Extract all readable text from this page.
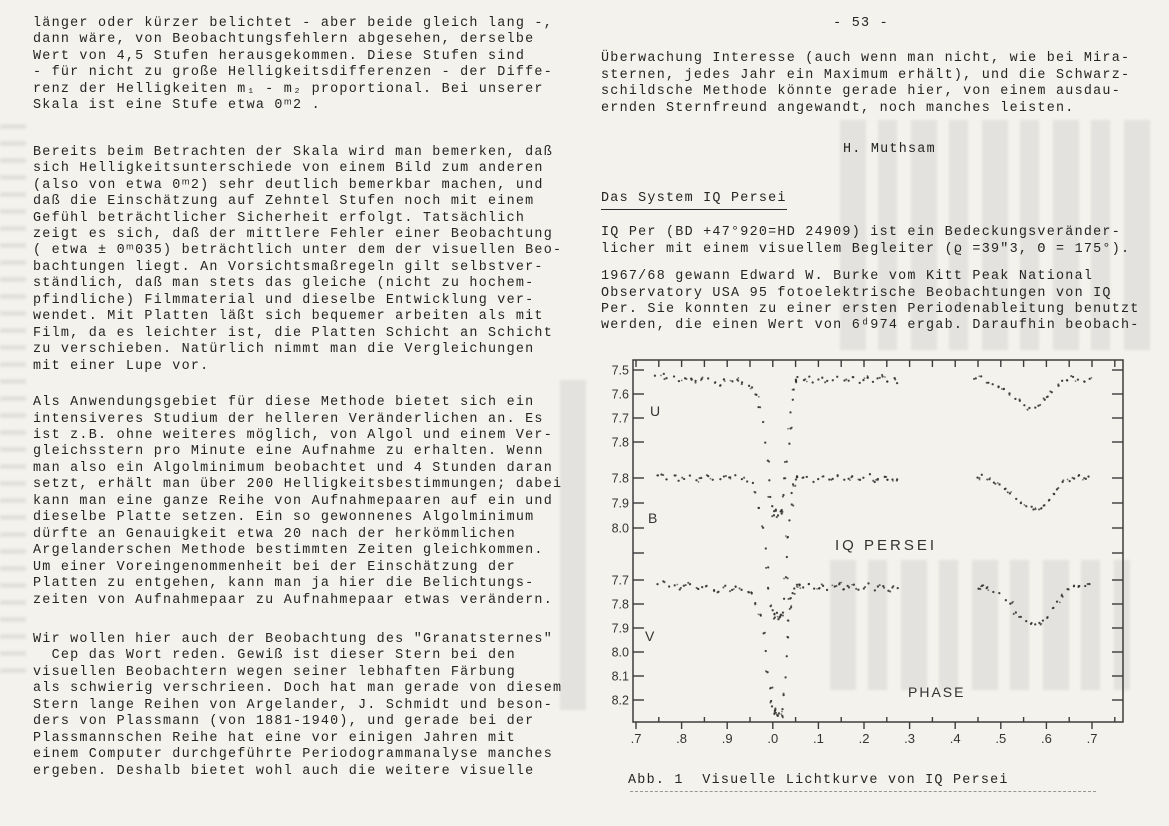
länger oder kürzer belichtet - aber beide gleich lang -,
dann wäre, von Beobachtungsfehlern abgesehen, derselbe
Wert von 4,5 Stufen herausgekommen. Diese Stufen sind
- für nicht zu große Helligkeitsdifferenzen - der Diffe-
renz der Helligkeiten m₁ - m₂ proportional. Bei unserer
Skala ist eine Stufe etwa 0ᵐ2 .
Bereits beim Betrachten der Skala wird man bemerken, daß
sich Helligkeitsunterschiede von einem Bild zum anderen
(also von etwa 0ᵐ2) sehr deutlich bemerkbar machen, und
daß die Einschätzung auf Zehntel Stufen noch mit einem
Gefühl beträchtlicher Sicherheit erfolgt. Tatsächlich
zeigt es sich, daß der mittlere Fehler einer Beobachtung
( etwa ± 0ᵐ035) beträchtlich unter dem der visuellen Beo-
bachtungen liegt. An Vorsichtsmaßregeln gilt selbstver-
ständlich, daß man stets das gleiche (nicht zu hochem-
pfindliche) Filmmaterial und dieselbe Entwicklung ver-
wendet. Mit Platten läßt sich bequemer arbeiten als mit
Film, da es leichter ist, die Platten Schicht an Schicht
zu verschieben. Natürlich nimmt man die Vergleichungen
mit einer Lupe vor.
Als Anwendungsgebiet für diese Methode bietet sich ein
intensiveres Studium der helleren Veränderlichen an. Es
ist z.B. ohne weiteres möglich, von Algol und einem Ver-
gleichsstern pro Minute eine Aufnahme zu erhalten. Wenn
man also ein Algolminimum beobachtet und 4 Stunden daran
setzt, erhält man über 200 Helligkeitsbestimmungen; dabei
kann man eine ganze Reihe von Aufnahmepaaren auf ein und
dieselbe Platte setzen. Ein so gewonnenes Algolminimum
dürfte an Genauigkeit etwa 20 nach der herkömmlichen
Argelanderschen Methode bestimmten Zeiten gleichkommen.
Um einer Voreingenommenheit bei der Einschätzung der
Platten zu entgehen, kann man ja hier die Belichtungs-
zeiten von Aufnahmepaar zu Aufnahmepaar etwas verändern.
Wir wollen hier auch der Beobachtung des "Granatsternes"
Cep das Wort reden. Gewiß ist dieser Stern bei den
visuellen Beobachtern wegen seiner lebhaften Färbung
als schwierig verschrieen. Doch hat man gerade von diesem
Stern lange Reihen von Argelander, J. Schmidt und beson-
ders von Plassmann (von 1881-1940), und gerade bei der
Plassmannschen Reihe hat eine vor einigen Jahren mit
einem Computer durchgeführte Periodogrammanalyse manches
ergeben. Deshalb bietet wohl auch die weitere visuelle
- 53 -
Überwachung Interesse (auch wenn man nicht, wie bei Mira-
sternen, jedes Jahr ein Maximum erhält), und die Schwarz-
schildsche Methode könnte gerade hier, von einem ausdau-
ernden Sternfreund angewandt, noch manches leisten.
H. Muthsam
Das System IQ Persei
IQ Per (BD +47°920=HD 24909) ist ein Bedeckungsveränder-
licher mit einem visuellem Begleiter (ϱ =39″3, Θ = 175°).
1967/68 gewann Edward W. Burke vom Kitt Peak National
Observatory USA 95 fotoelektrische Beobachtungen von IQ
Per. Sie konnten zu einer ersten Periodenableitung benutzt
werden, die einen Wert von 6ᵈ974 ergab. Daraufhin beobach-
.7	.8	.9	.0	.1	.2	.3	.4	.5	.6	.7
7.5
7.6
7.7
7.8
U
7.8
7.9
8.0
B
7.7
7.8
7.9
8.0
8.1
8.2
V
IQ PERSEI
PHASE
Abb. 1  Visuelle Lichtkurve von IQ Persei
